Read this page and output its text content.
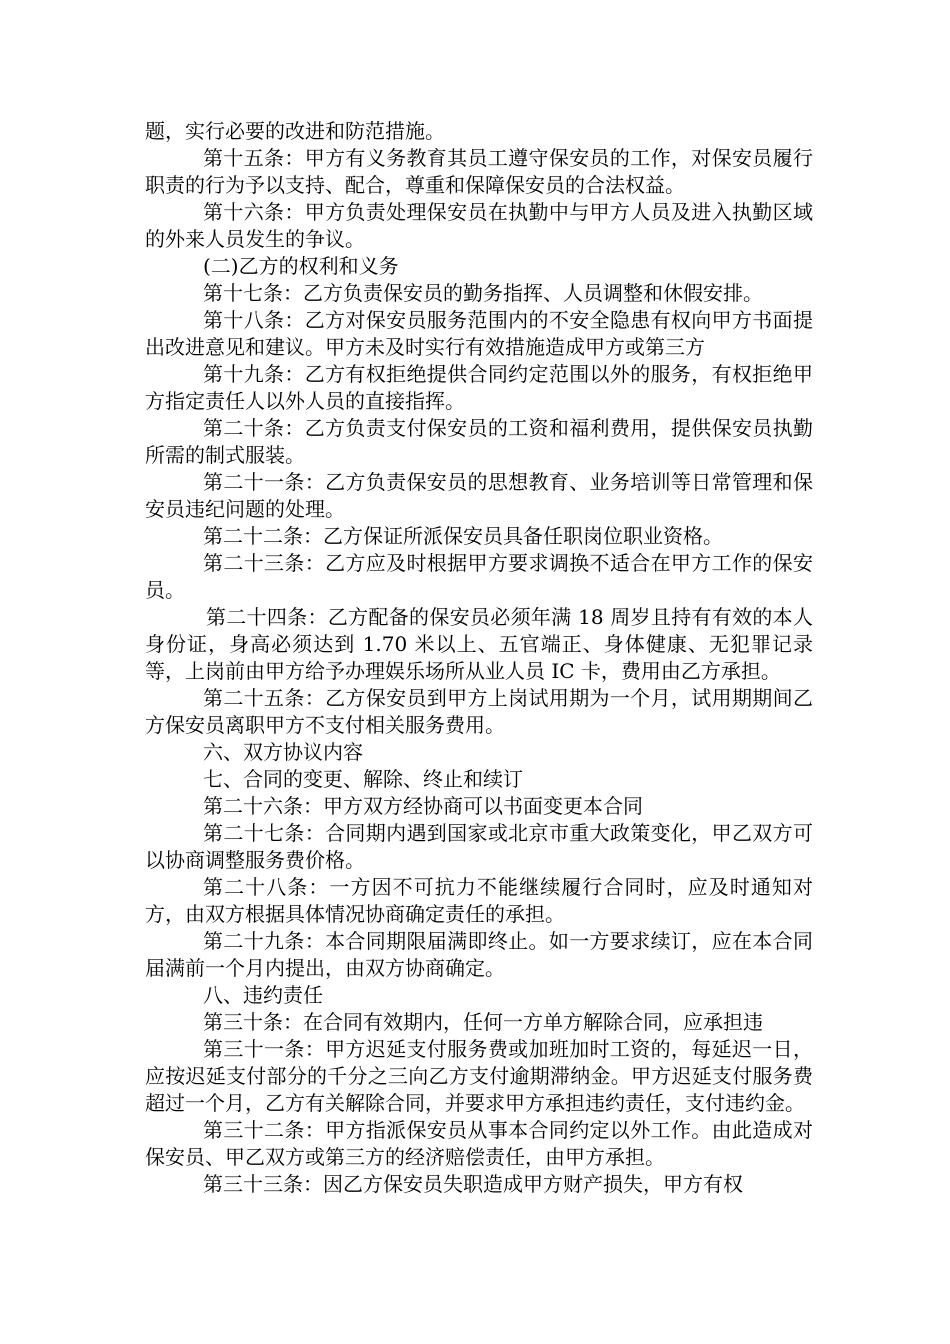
题，实行必要的改进和防范措施。

第十五条：甲方有义务教育其员工遵守保安员的工作，对保安员履行职责的行为予以支持、配合，尊重和保障保安员的合法权益。

第十六条：甲方负责处理保安员在执勤中与甲方人员及进入执勤区域的外来人员发生的争议。

(二)乙方的权利和义务

第十七条：乙方负责保安员的勤务指挥、人员调整和休假安排。

第十八条：乙方对保安员服务范围内的不安全隐患有权向甲方书面提出改进意见和建议。甲方未及时实行有效措施造成甲方或第三方

第十九条：乙方有权拒绝提供合同约定范围以外的服务，有权拒绝甲方指定责任人以外人员的直接指挥。

第二十条：乙方负责支付保安员的工资和福利费用，提供保安员执勤所需的制式服装。

第二十一条：乙方负责保安员的思想教育、业务培训等日常管理和保安员违纪问题的处理。

第二十二条：乙方保证所派保安员具备任职岗位职业资格。

第二十三条：乙方应及时根据甲方要求调换不适合在甲方工作的保安员。

第二十四条：乙方配备的保安员必须年满 18 周岁且持有有效的本人身份证，身高必须达到 1.70 米以上、五官端正、身体健康、无犯罪记录等，上岗前由甲方给予办理娱乐场所从业人员 IC 卡，费用由乙方承担。

第二十五条：乙方保安员到甲方上岗试用期为一个月，试用期期间乙方保安员离职甲方不支付相关服务费用。

六、双方协议内容

七、合同的变更、解除、终止和续订

第二十六条：甲方双方经协商可以书面变更本合同

第二十七条：合同期内遇到国家或北京市重大政策变化，甲乙双方可以协商调整服务费价格。

第二十八条：一方因不可抗力不能继续履行合同时，应及时通知对方，由双方根据具体情况协商确定责任的承担。

第二十九条：本合同期限届满即终止。如一方要求续订，应在本合同届满前一个月内提出，由双方协商确定。

八、违约责任

第三十条：在合同有效期内，任何一方单方解除合同，应承担违

第三十一条：甲方迟延支付服务费或加班加时工资的，每延迟一日，应按迟延支付部分的千分之三向乙方支付逾期滞纳金。甲方迟延支付服务费超过一个月，乙方有关解除合同，并要求甲方承担违约责任，支付违约金。

第三十二条：甲方指派保安员从事本合同约定以外工作。由此造成对保安员、甲乙双方或第三方的经济赔偿责任，由甲方承担。

第三十三条：因乙方保安员失职造成甲方财产损失，甲方有权
